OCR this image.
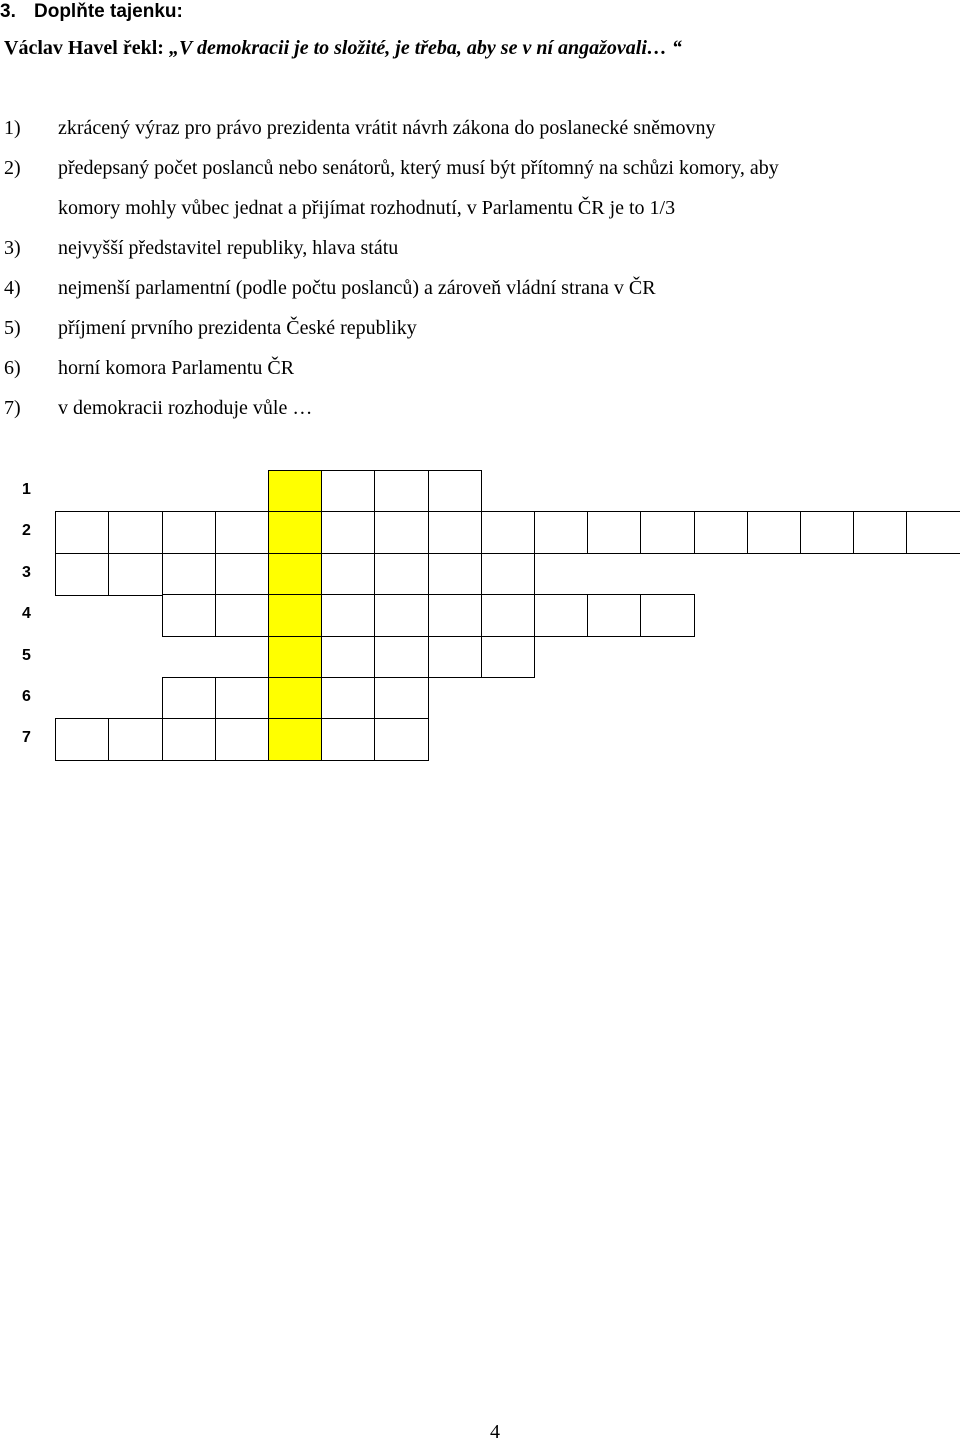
3. Doplňte tajenku:
Václav Havel řekl: „V demokracii je to složité, je třeba, aby se v ní angažovali… “
1) zkrácený výraz pro právo prezidenta vrátit návrh zákona do poslanecké sněmovny
2) předepsaný počet poslanců nebo senátorů, který musí být přítomný na schůzi komory, aby
komory mohly vůbec jednat a přijímat rozhodnutí, v Parlamentu ČR je to 1/3
3) nejvyšší představitel republiky, hlava státu
4) nejmenší parlamentní (podle počtu poslanců) a zároveň vládní strana v ČR
5) příjmení prvního prezidenta České republiky
6) horní komora Parlamentu ČR
7) v demokracii rozhoduje vůle …
1
2
3
4
5
6
7
4
